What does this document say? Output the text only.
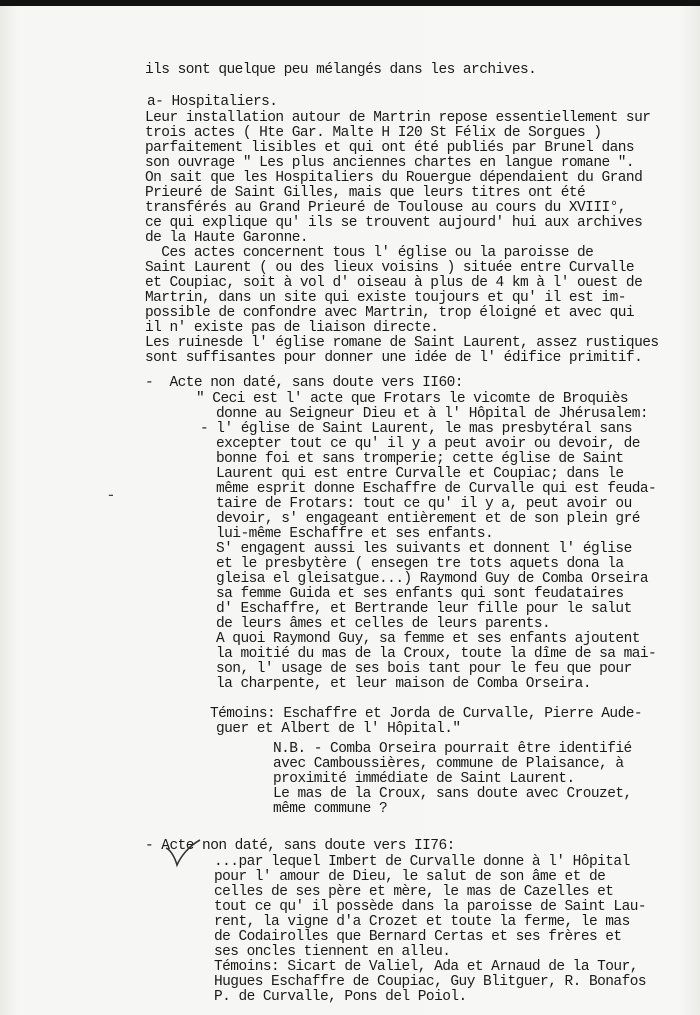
ils sont quelque peu mélangés dans les archives.
a- Hospitaliers.
Leur installation autour de Martrin repose essentiellement sur
trois actes ( Hte Gar. Malte H I20 St Félix de Sorgues )
parfaitement lisibles et qui ont été publiés par Brunel dans
son ouvrage " Les plus anciennes chartes en langue romane ".
On sait que les Hospitaliers du Rouergue dépendaient du Grand
Prieuré de Saint Gilles, mais que leurs titres ont été
transférés au Grand Prieuré de Toulouse au cours du XVIII°,
ce qui explique qu' ils se trouvent aujourd' hui aux archives
de la Haute Garonne.
Ces actes concernent tous l' église ou la paroisse de
Saint Laurent ( ou des lieux voisins ) située entre Curvalle
et Coupiac, soit à vol d' oiseau à plus de 4 km à l' ouest de
Martrin, dans un site qui existe toujours et qu' il est im-
possible de confondre avec Martrin, trop éloigné et avec qui
il n' existe pas de liaison directe.
Les ruinesde l' église romane de Saint Laurent, assez rustiques
sont suffisantes pour donner une idée de l' édifice primitif.
-  Acte non daté, sans doute vers II60:
" Ceci est l' acte que Frotars le vicomte de Broquiès
donne au Seigneur Dieu et à l' Hôpital de Jhérusalem:
- l' église de Saint Laurent, le mas presbytéral sans
excepter tout ce qu' il y a peut avoir ou devoir, de
bonne foi et sans tromperie; cette église de Saint
Laurent qui est entre Curvalle et Coupiac; dans le
même esprit donne Eschaffre de Curvalle qui est feuda-
taire de Frotars: tout ce qu' il y a, peut avoir ou
devoir, s' engageant entièrement et de son plein gré
lui-même Eschaffre et ses enfants.
S' engagent aussi les suivants et donnent l' église
et le presbytère ( ensegen tre tots aquets dona la
gleisa el gleisatgue...) Raymond Guy de Comba Orseira
sa femme Guida et ses enfants qui sont feudataires
d' Eschaffre, et Bertrande leur fille pour le salut
de leurs âmes et celles de leurs parents.
A quoi Raymond Guy, sa femme et ses enfants ajoutent
la moitié du mas de la Croux, toute la dîme de sa mai-
son, l' usage de ses bois tant pour le feu que pour
la charpente, et leur maison de Comba Orseira.
Témoins: Eschaffre et Jorda de Curvalle, Pierre Aude-
guer et Albert de l' Hôpital."
N.B. - Comba Orseira pourrait être identifié
avec Camboussières, commune de Plaisance, à
proximité immédiate de Saint Laurent.
Le mas de la Croux, sans doute avec Crouzet,
même commune ?
- Acte non daté, sans doute vers II76:
...par lequel Imbert de Curvalle donne à l' Hôpital
pour l' amour de Dieu, le salut de son âme et de
celles de ses père et mère, le mas de Cazelles et
tout ce qu' il possède dans la paroisse de Saint Lau-
rent, la vigne d'a Crozet et toute la ferme, le mas
de Codairolles que Bernard Certas et ses frères et
ses oncles tiennent en alleu.
Témoins: Sicart de Valiel, Ada et Arnaud de la Tour,
Hugues Eschaffre de Coupiac, Guy Blitguer, R. Bonafos
P. de Curvalle, Pons del Poiol.
-
